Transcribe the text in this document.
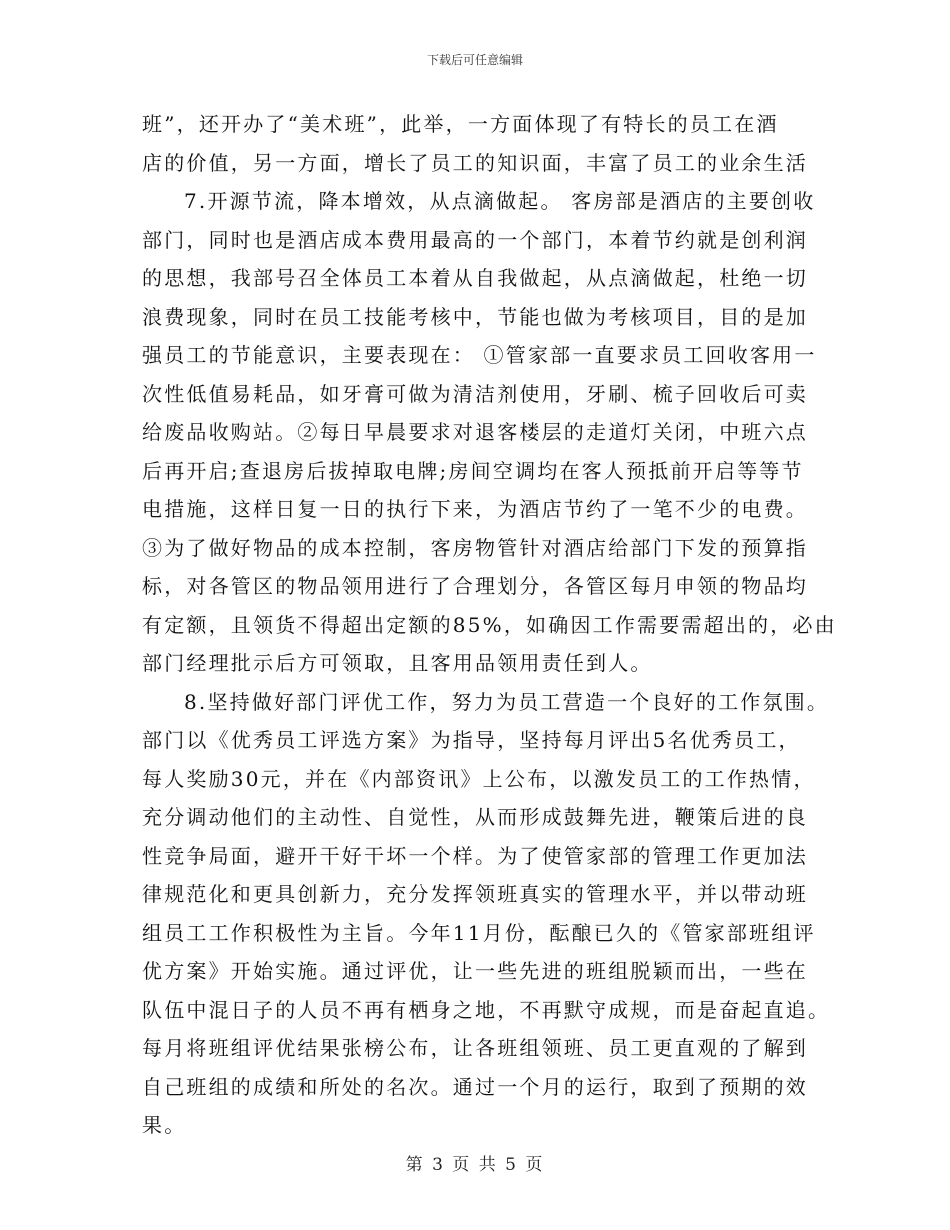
下载后可任意编辑
班”，还开办了“美术班”，此举，一方面体现了有特长的员工在酒
店的价值，另一方面，增长了员工的知识面，丰富了员工的业余生活
7.开源节流，降本增效，从点滴做起。 客房部是酒店的主要创收
部门，同时也是酒店成本费用最高的一个部门，本着节约就是创利润
的思想，我部号召全体员工本着从自我做起，从点滴做起，杜绝一切
浪费现象，同时在员工技能考核中，节能也做为考核项目，目的是加
强员工的节能意识，主要表现在： ①管家部一直要求员工回收客用一
次性低值易耗品，如牙膏可做为清洁剂使用，牙刷、梳子回收后可卖
给废品收购站。②每日早晨要求对退客楼层的走道灯关闭，中班六点
后再开启;查退房后拔掉取电牌;房间空调均在客人预抵前开启等等节
电措施，这样日复一日的执行下来，为酒店节约了一笔不少的电费。
③为了做好物品的成本控制，客房物管针对酒店给部门下发的预算指
标，对各管区的物品领用进行了合理划分，各管区每月申领的物品均
有定额，且领货不得超出定额的85%，如确因工作需要需超出的，必由
部门经理批示后方可领取，且客用品领用责任到人。
8.坚持做好部门评优工作，努力为员工营造一个良好的工作氛围。
部门以《优秀员工评选方案》为指导，坚持每月评出5名优秀员工，
每人奖励30元，并在《内部资讯》上公布，以激发员工的工作热情，
充分调动他们的主动性、自觉性，从而形成鼓舞先进，鞭策后进的良
性竞争局面，避开干好干坏一个样。为了使管家部的管理工作更加法
律规范化和更具创新力，充分发挥领班真实的管理水平，并以带动班
组员工工作积极性为主旨。今年11月份，酝酿已久的《管家部班组评
优方案》开始实施。通过评优，让一些先进的班组脱颖而出，一些在
队伍中混日子的人员不再有栖身之地，不再默守成规，而是奋起直追。
每月将班组评优结果张榜公布，让各班组领班、员工更直观的了解到
自己班组的成绩和所处的名次。通过一个月的运行，取到了预期的效
果。
第 3 页 共 5 页
